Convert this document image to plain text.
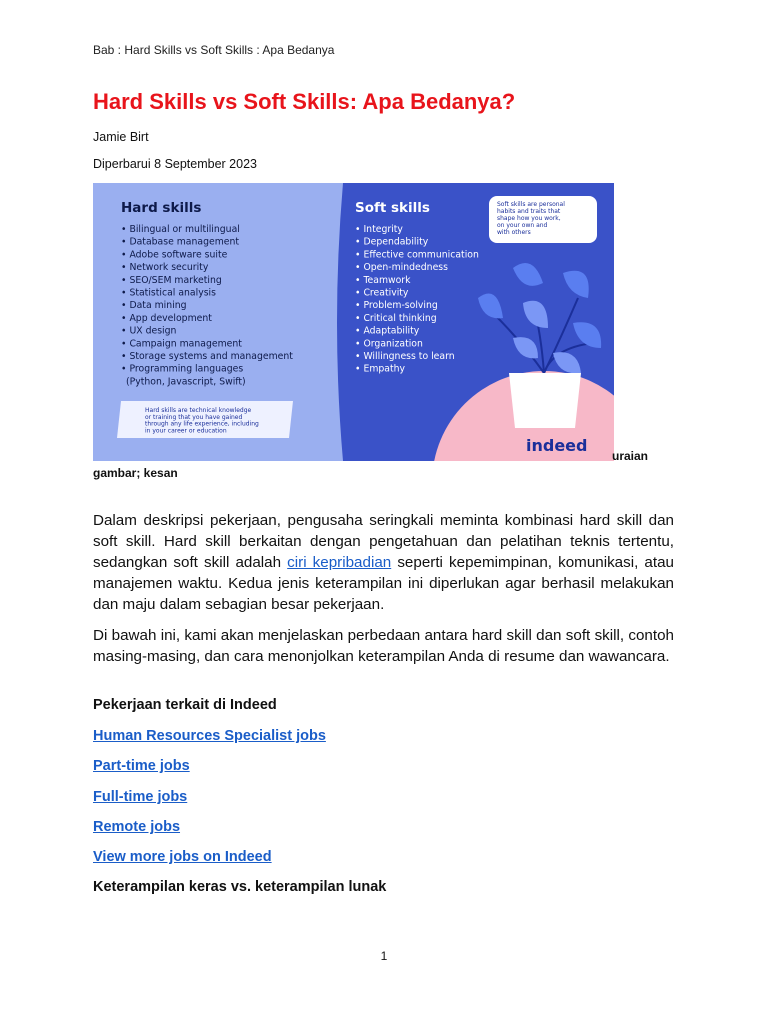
Bab : Hard Skills vs Soft Skills : Apa Bedanya
Hard Skills vs Soft Skills: Apa Bedanya?
Jamie Birt
Diperbarui 8 September 2023
Hard skills
• Bilingual or multilingual
• Database management
• Adobe software suite
• Network security
• SEO/SEM marketing
• Statistical analysis
• Data mining
• App development
• UX design
• Campaign management
• Storage systems and management
• Programming languages
(Python, Javascript, Swift)
Hard skills are technical knowledge
or training that you have gained
through any life experience, including
in your career or education
Soft skills
• Integrity
• Dependability
• Effective communication
• Open-mindedness
• Teamwork
• Creativity
• Problem-solving
• Critical thinking
• Adaptability
• Organization
• Willingness to learn
• Empathy
Soft skills are personal
habits and traits that
shape how you work,
on your own and
with others
indeed
uraian
gambar; kesan

Dalam deskripsi pekerjaan, pengusaha seringkali meminta kombinasi hard skill dan soft skill. Hard skill berkaitan dengan pengetahuan dan pelatihan teknis tertentu, sedangkan soft skill adalah ciri kepribadian seperti kepemimpinan, komunikasi, atau manajemen waktu. Kedua jenis keterampilan ini diperlukan agar berhasil melakukan dan maju dalam sebagian besar pekerjaan.

Di bawah ini, kami akan menjelaskan perbedaan antara hard skill dan soft skill, contoh masing-masing, dan cara menonjolkan keterampilan Anda di resume dan wawancara.

Pekerjaan terkait di Indeed
Human Resources Specialist jobs
Part-time jobs
Full-time jobs
Remote jobs
View more jobs on Indeed
Keterampilan keras vs. keterampilan lunak
1
